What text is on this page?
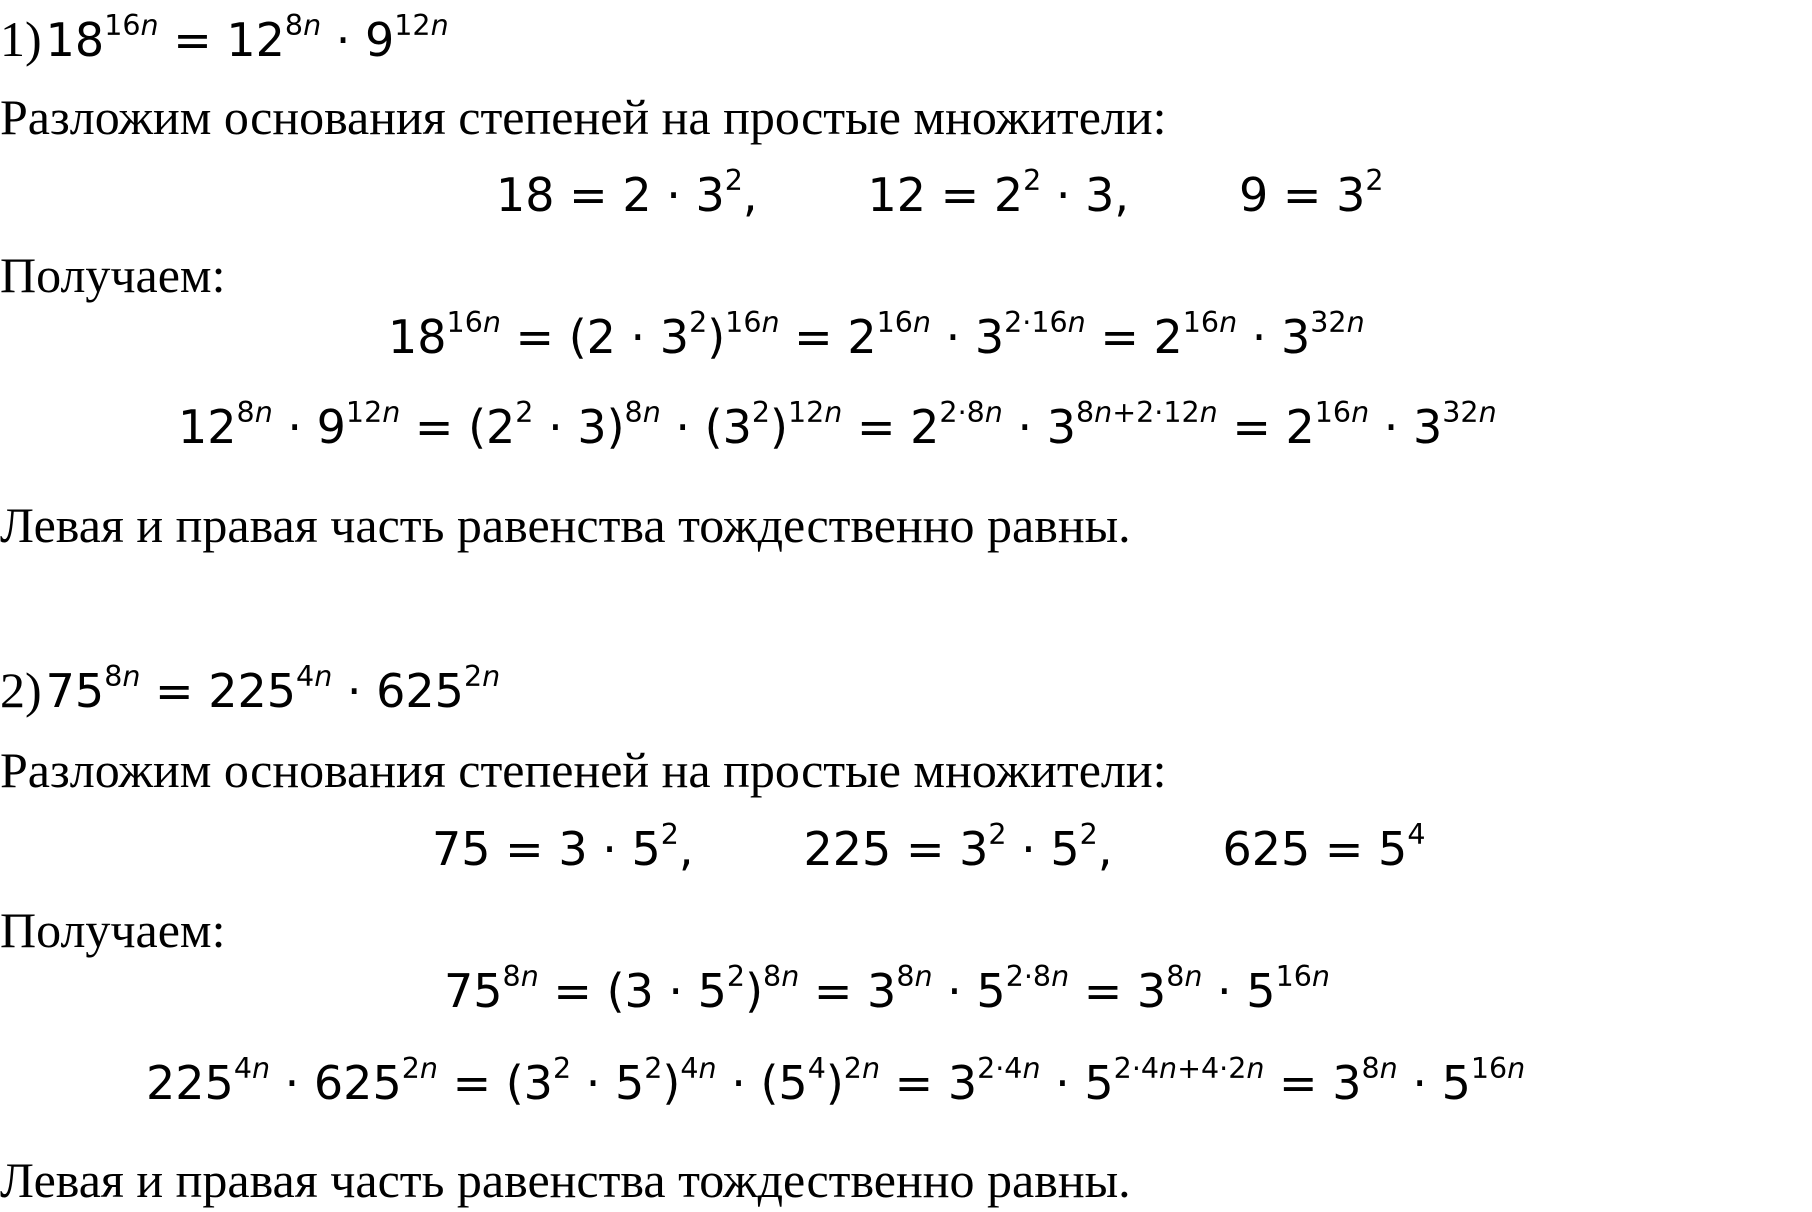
1) $18^{16n} = 12^{8n} \cdot 9^{12n}$
Разложим основания степеней на простые множители:
$18 = 2 \cdot 3^2$, $12 = 2^2 \cdot 3$, $9 = 3^2$
Получаем:
$18^{16n} = (2 \cdot 3^2)^{16n} = 2^{16n} \cdot 3^{2\cdot 16n} = 2^{16n} \cdot 3^{32n}$
$12^{8n} \cdot 9^{12n} = (2^2 \cdot 3)^{8n} \cdot (3^2)^{12n} = 2^{2\cdot 8n} \cdot 3^{8n+2\cdot 12n} = 2^{16n} \cdot 3^{32n}$
Левая и правая часть равенства тождественно равны.
2) $75^{8n} = 225^{4n} \cdot 625^{2n}$
Разложим основания степеней на простые множители:
$75 = 3 \cdot 5^2$, $225 = 3^2 \cdot 5^2$, $625 = 5^4$
Получаем:
$75^{8n} = (3 \cdot 5^2)^{8n} = 3^{8n} \cdot 5^{2\cdot 8n} = 3^{8n} \cdot 5^{16n}$
$225^{4n} \cdot 625^{2n} = (3^2 \cdot 5^2)^{4n} \cdot (5^4)^{2n} = 3^{2\cdot 4n} \cdot 5^{2\cdot 4n+4\cdot 2n} = 3^{8n} \cdot 5^{16n}$
Левая и правая часть равенства тождественно равны.
